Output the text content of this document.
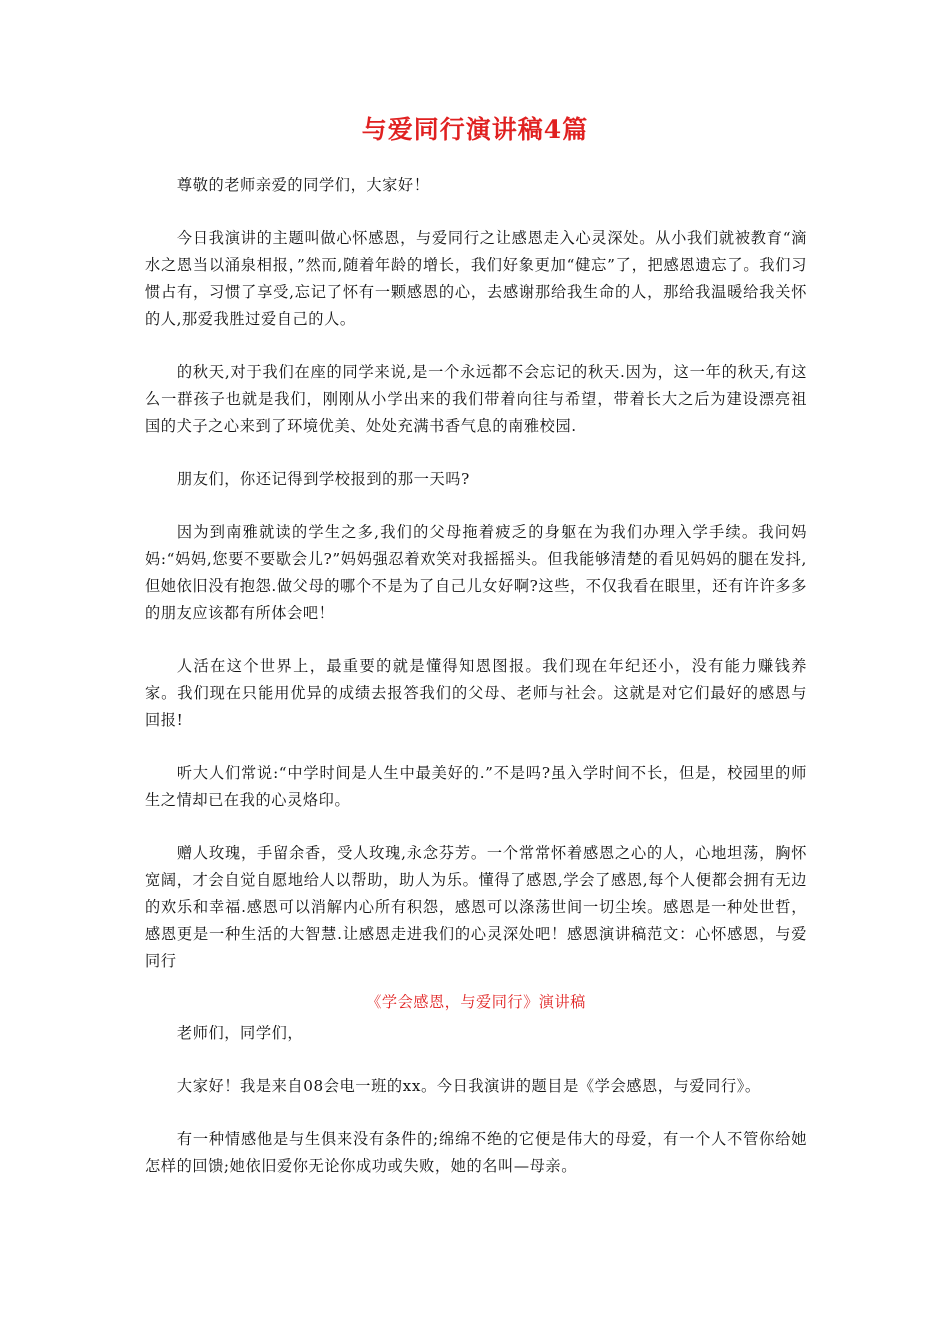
与爱同行演讲稿4篇

尊敬的老师亲爱的同学们，大家好！

今日我演讲的主题叫做心怀感恩，与爱同行之让感恩走入心灵深处。从小我们就被教育“滴水之恩当以涌泉相报，”然而,随着年龄的增长，我们好象更加“健忘”了，把感恩遗忘了。我们习惯占有，习惯了享受,忘记了怀有一颗感恩的心，去感谢那给我生命的人，那给我温暖给我关怀的人,那爱我胜过爱自己的人。

的秋天,对于我们在座的同学来说,是一个永远都不会忘记的秋天.因为，这一年的秋天,有这么一群孩子也就是我们，刚刚从小学出来的我们带着向往与希望，带着长大之后为建设漂亮祖国的犬子之心来到了环境优美、处处充满书香气息的南雅校园.

朋友们，你还记得到学校报到的那一天吗?

因为到南雅就读的学生之多,我们的父母拖着疲乏的身躯在为我们办理入学手续。我问妈妈:“妈妈,您要不要歇会儿?”妈妈强忍着欢笑对我摇摇头。但我能够清楚的看见妈妈的腿在发抖,但她依旧没有抱怨.做父母的哪个不是为了自己儿女好啊?这些，不仅我看在眼里，还有许许多多的朋友应该都有所体会吧！

人活在这个世界上，最重要的就是懂得知恩图报。我们现在年纪还小，没有能力赚钱养家。我们现在只能用优异的成绩去报答我们的父母、老师与社会。这就是对它们最好的感恩与回报!

听大人们常说:“中学时间是人生中最美好的.”不是吗?虽入学时间不长，但是，校园里的师生之情却已在我的心灵烙印。

赠人玫瑰，手留余香，受人玫瑰,永念芬芳。一个常常怀着感恩之心的人，心地坦荡，胸怀宽阔，才会自觉自愿地给人以帮助，助人为乐。懂得了感恩,学会了感恩,每个人便都会拥有无边的欢乐和幸福.感恩可以消解内心所有积怨，感恩可以涤荡世间一切尘埃。感恩是一种处世哲，感恩更是一种生活的大智慧.让感恩走进我们的心灵深处吧！感恩演讲稿范文：心怀感恩，与爱同行

《学会感恩，与爱同行》演讲稿

老师们，同学们，

大家好！我是来自08会电一班的xx。今日我演讲的题目是《学会感恩，与爱同行》。

有一种情感他是与生俱来没有条件的;绵绵不绝的它便是伟大的母爱，有一个人不管你给她怎样的回馈;她依旧爱你无论你成功或失败，她的名叫—母亲。
